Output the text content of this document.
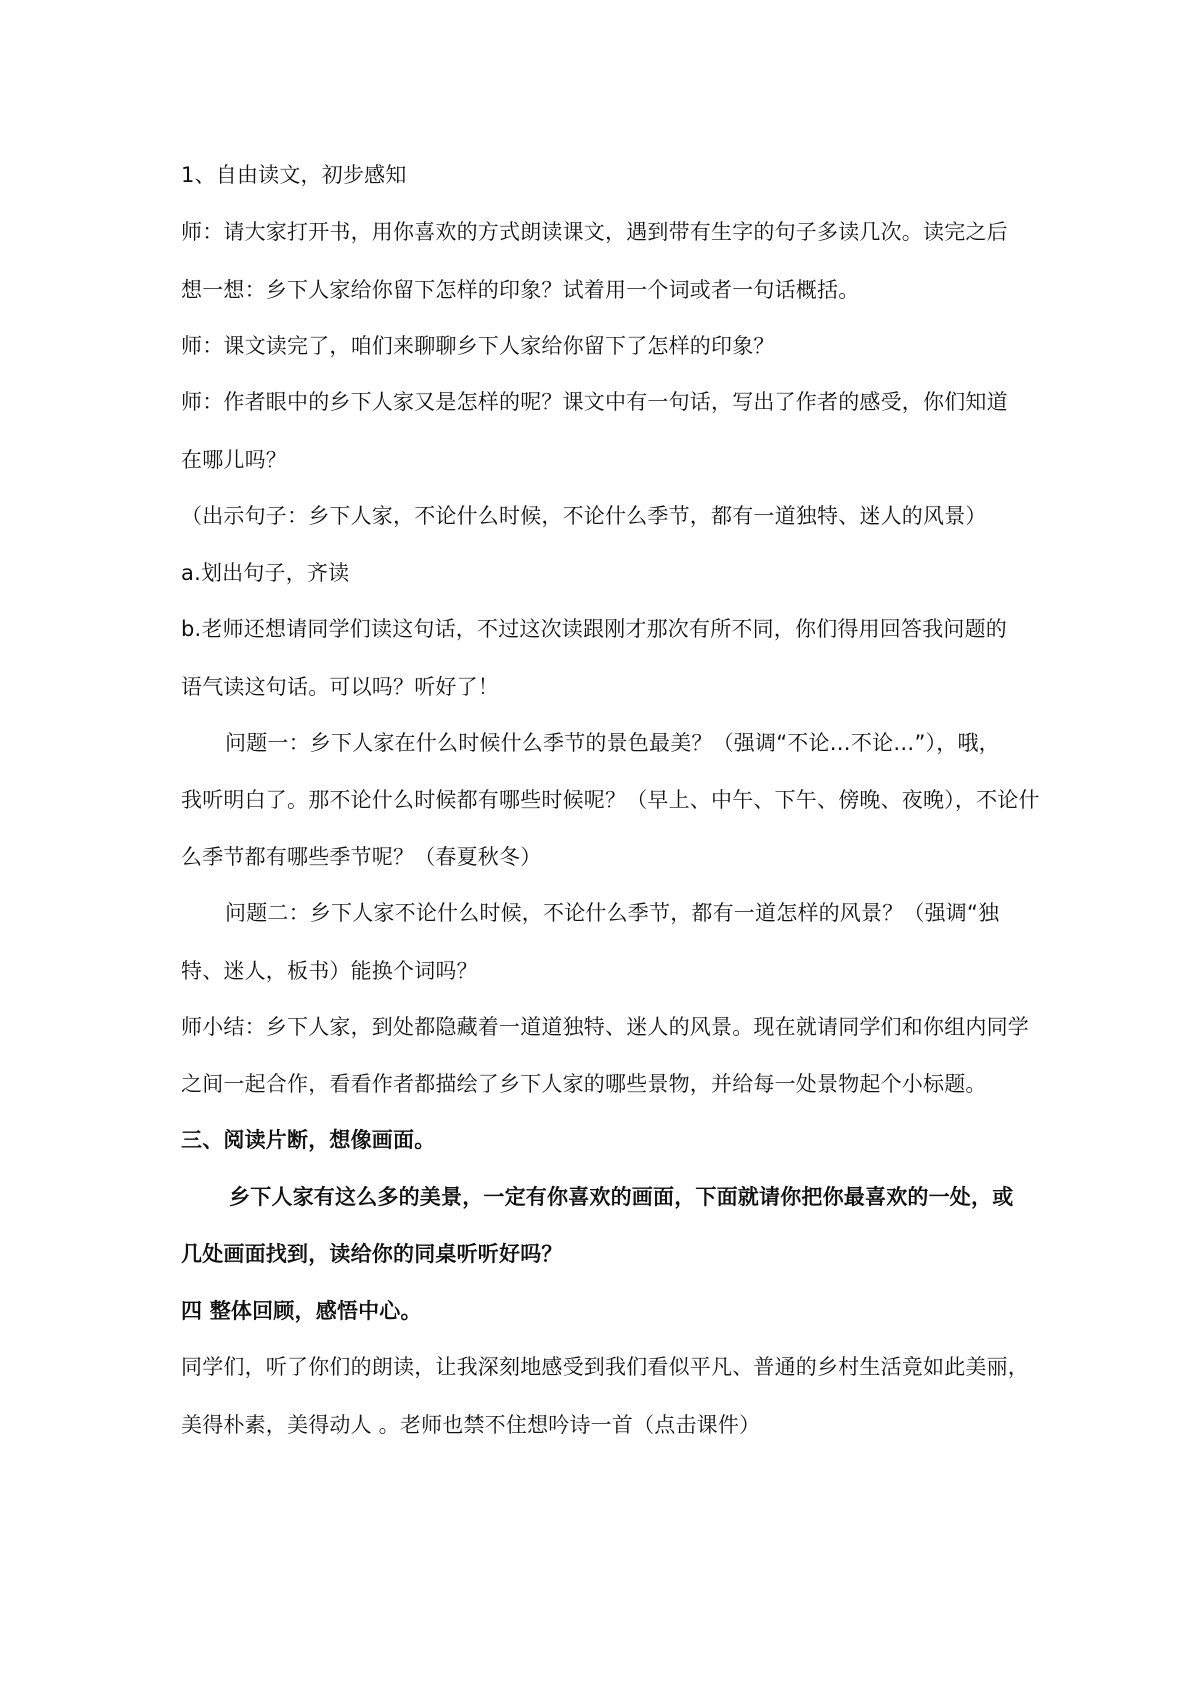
1、自由读文，初步感知
师：请大家打开书，用你喜欢的方式朗读课文，遇到带有生字的句子多读几次。读完之后
想一想：乡下人家给你留下怎样的印象？试着用一个词或者一句话概括。
师：课文读完了，咱们来聊聊乡下人家给你留下了怎样的印象？
师：作者眼中的乡下人家又是怎样的呢？课文中有一句话，写出了作者的感受，你们知道
在哪儿吗？
（出示句子：乡下人家，不论什么时候，不论什么季节，都有一道独特、迷人的风景）
a.划出句子，齐读
b.老师还想请同学们读这句话，不过这次读跟刚才那次有所不同，你们得用回答我问题的
语气读这句话。可以吗？听好了！
问题一：乡下人家在什么时候什么季节的景色最美？（强调“不论…不论…”），哦，
我听明白了。那不论什么时候都有哪些时候呢？（早上、中午、下午、傍晚、夜晚），不论什
么季节都有哪些季节呢？（春夏秋冬）
问题二：乡下人家不论什么时候，不论什么季节，都有一道怎样的风景？（强调“独
特、迷人，板书）能换个词吗？
师小结：乡下人家，到处都隐藏着一道道独特、迷人的风景。现在就请同学们和你组内同学
之间一起合作，看看作者都描绘了乡下人家的哪些景物，并给每一处景物起个小标题。
三、阅读片断，想像画面。
乡下人家有这么多的美景，一定有你喜欢的画面，下面就请你把你最喜欢的一处，或
几处画面找到，读给你的同桌听听好吗？
四 整体回顾，感悟中心。
同学们，听了你们的朗读，让我深刻地感受到我们看似平凡、普通的乡村生活竟如此美丽，
美得朴素，美得动人 。老师也禁不住想吟诗一首（点击课件）
